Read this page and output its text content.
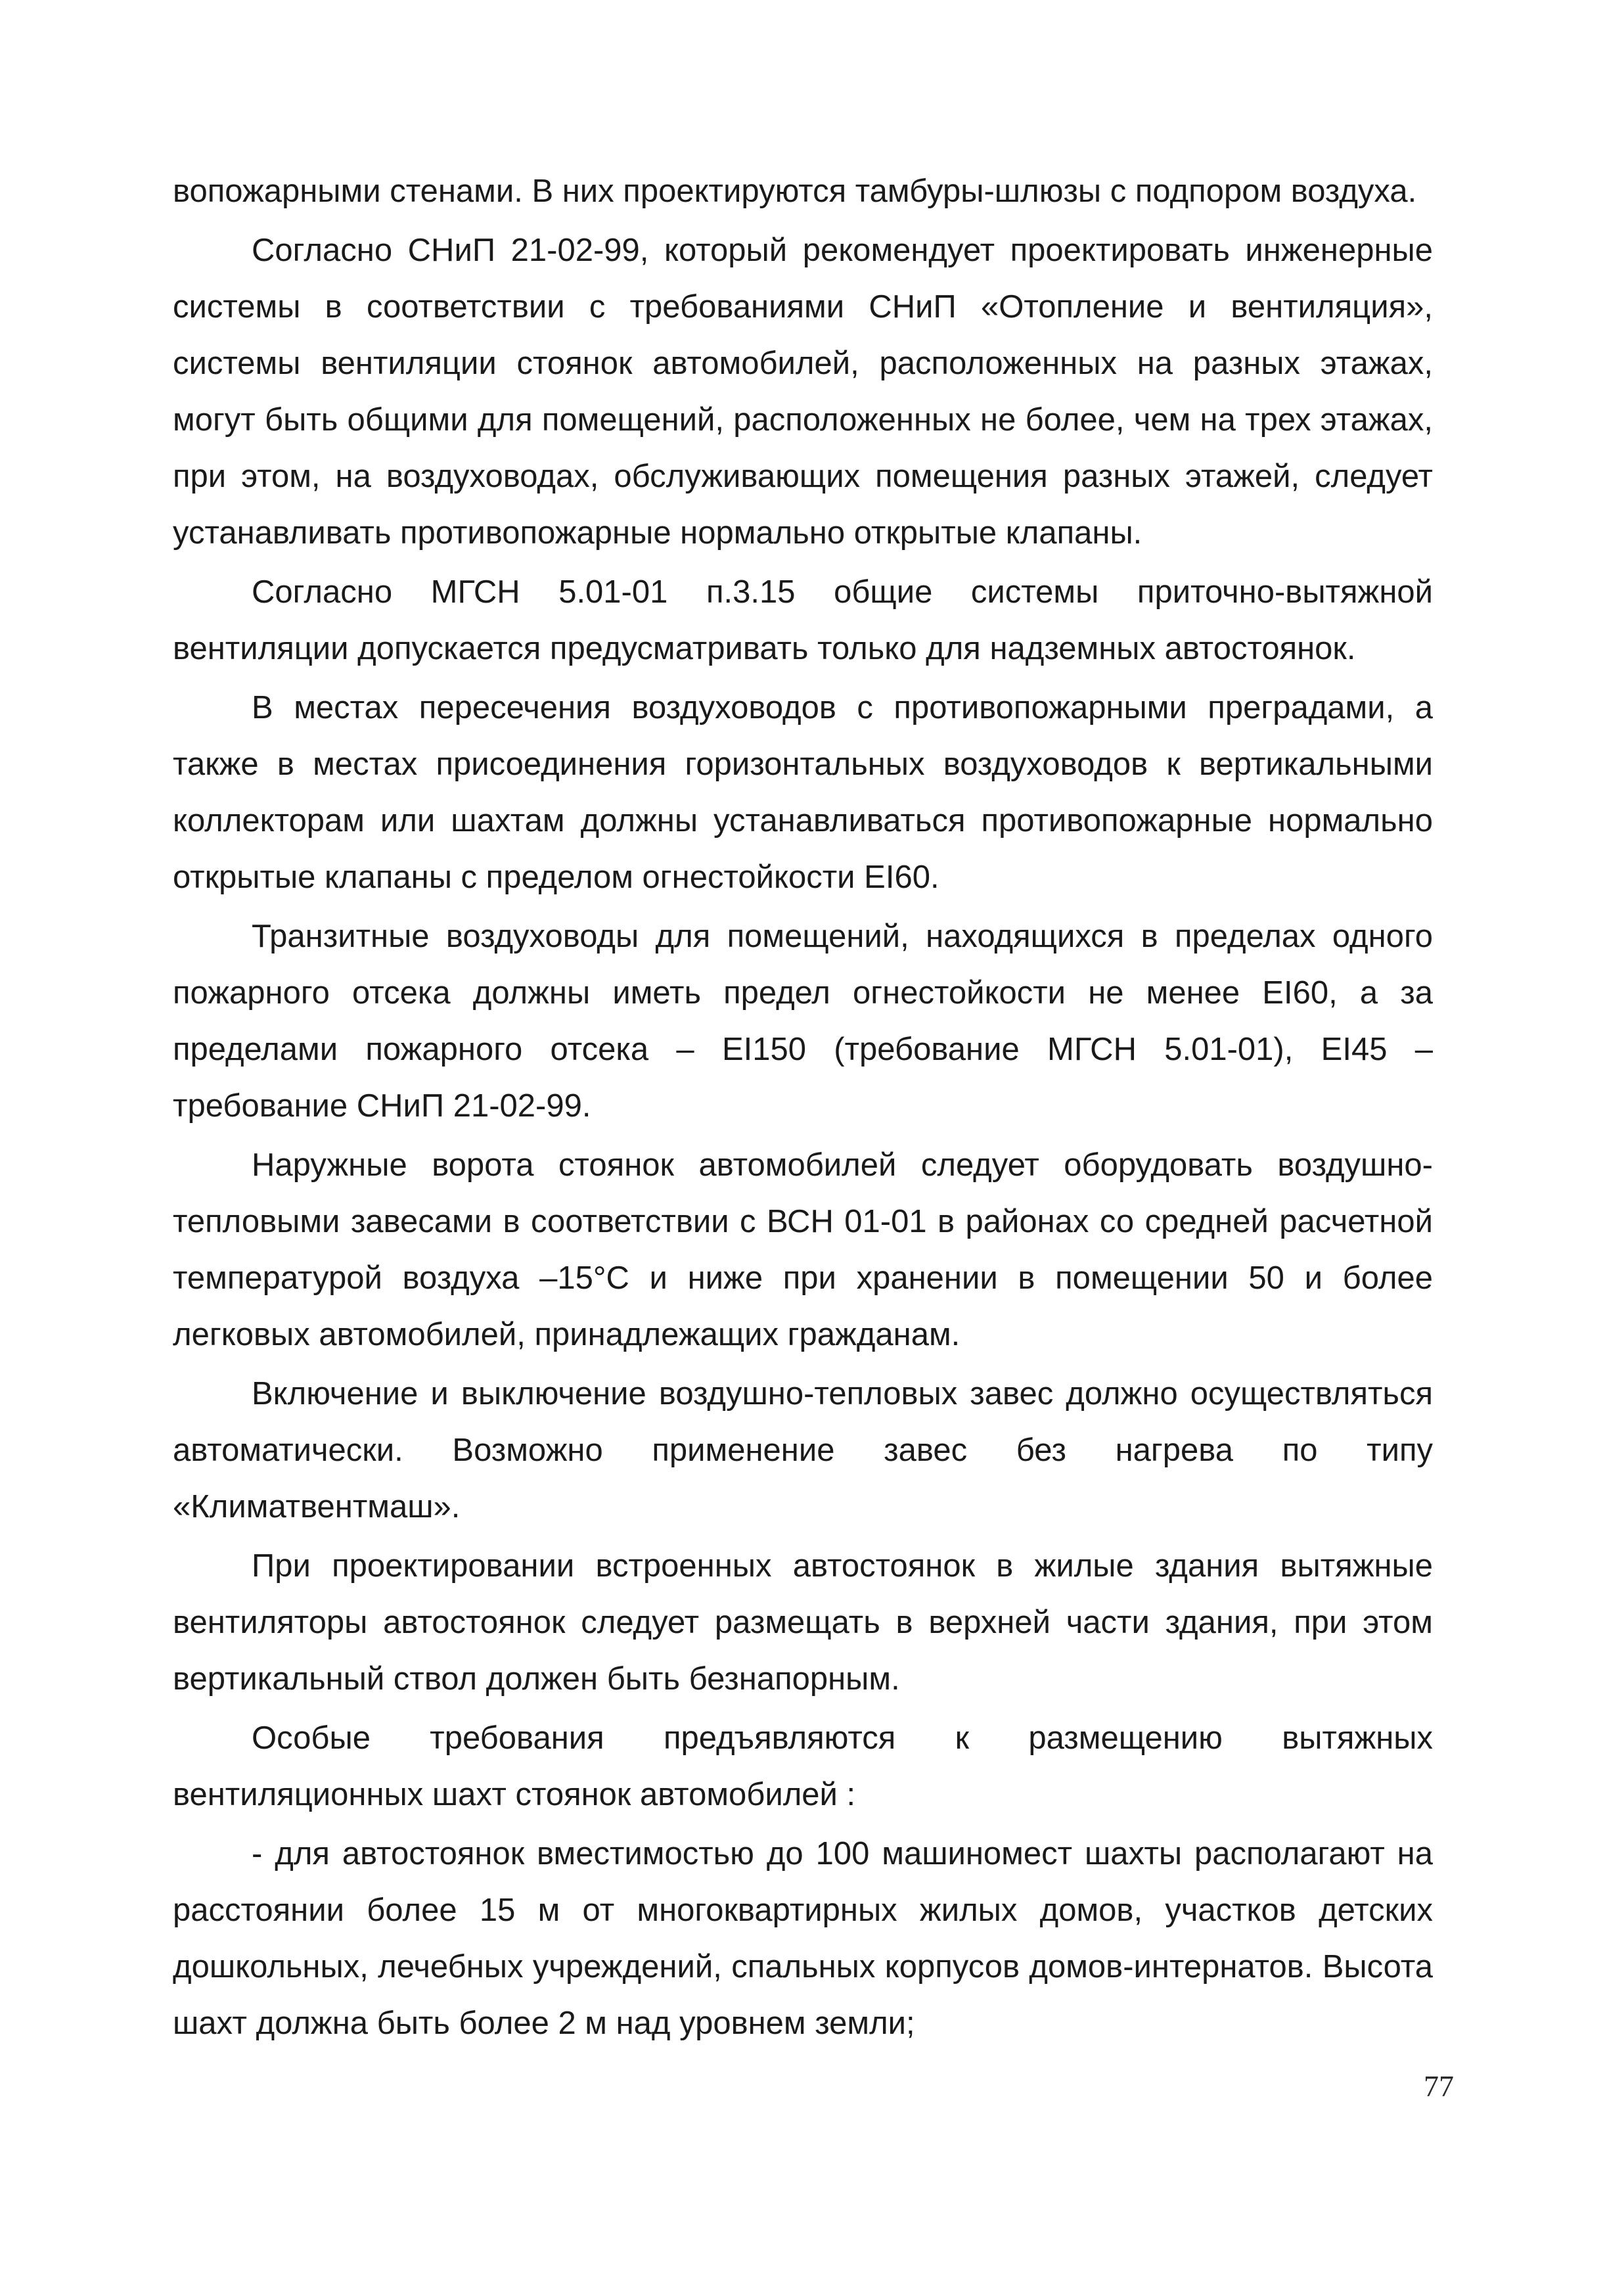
вопожарными стенами. В них проектируются тамбуры-шлюзы с подпором воздуха.

Согласно СНиП 21-02-99, который рекомендует проектировать инженерные системы в соответствии с требованиями СНиП «Отопление и вентиляция», системы вентиляции стоянок автомобилей, расположенных на разных этажах, могут быть общими для помещений, расположенных не более, чем на трех этажах, при этом, на воздуховодах, обслуживающих помещения разных этажей, следует устанавливать противопожарные нормально открытые клапаны.

Согласно МГСН 5.01-01 п.3.15 общие системы приточно-вытяжной вентиляции допускается предусматривать только для надземных автостоянок.

В местах пересечения воздуховодов с противопожарными преградами, а также в местах присоединения горизонтальных воздуховодов к вертикальными коллекторам или шахтам должны устанавливаться противопожарные нормально открытые клапаны с пределом огнестойкости EI60.

Транзитные воздуховоды для помещений, находящихся в пределах одного пожарного отсека должны иметь предел огнестойкости не менее EI60, а за пределами пожарного отсека – EI150 (требование МГСН 5.01-01), EI45 – требование СНиП 21-02-99.

Наружные ворота стоянок автомобилей следует оборудовать воздушно-тепловыми завесами в соответствии с ВСН 01-01 в районах со средней расчетной температурой воздуха –15°С и ниже при хранении в помещении 50 и более легковых автомобилей, принадлежащих гражданам.

Включение и выключение воздушно-тепловых завес должно осуществляться автоматически. Возможно применение завес без нагрева по типу «Климатвентмаш».

При проектировании встроенных автостоянок в жилые здания вытяжные вентиляторы автостоянок следует размещать в верхней части здания, при этом вертикальный ствол должен быть безнапорным.

Особые требования предъявляются к размещению вытяжных вентиляционных шахт стоянок автомобилей :

- для автостоянок вместимостью до 100 машиномест шахты располагают на расстоянии более 15 м от многоквартирных жилых домов, участков детских дошкольных, лечебных учреждений, спальных корпусов домов-интернатов. Высота шахт должна быть более 2 м над уровнем земли;

77
